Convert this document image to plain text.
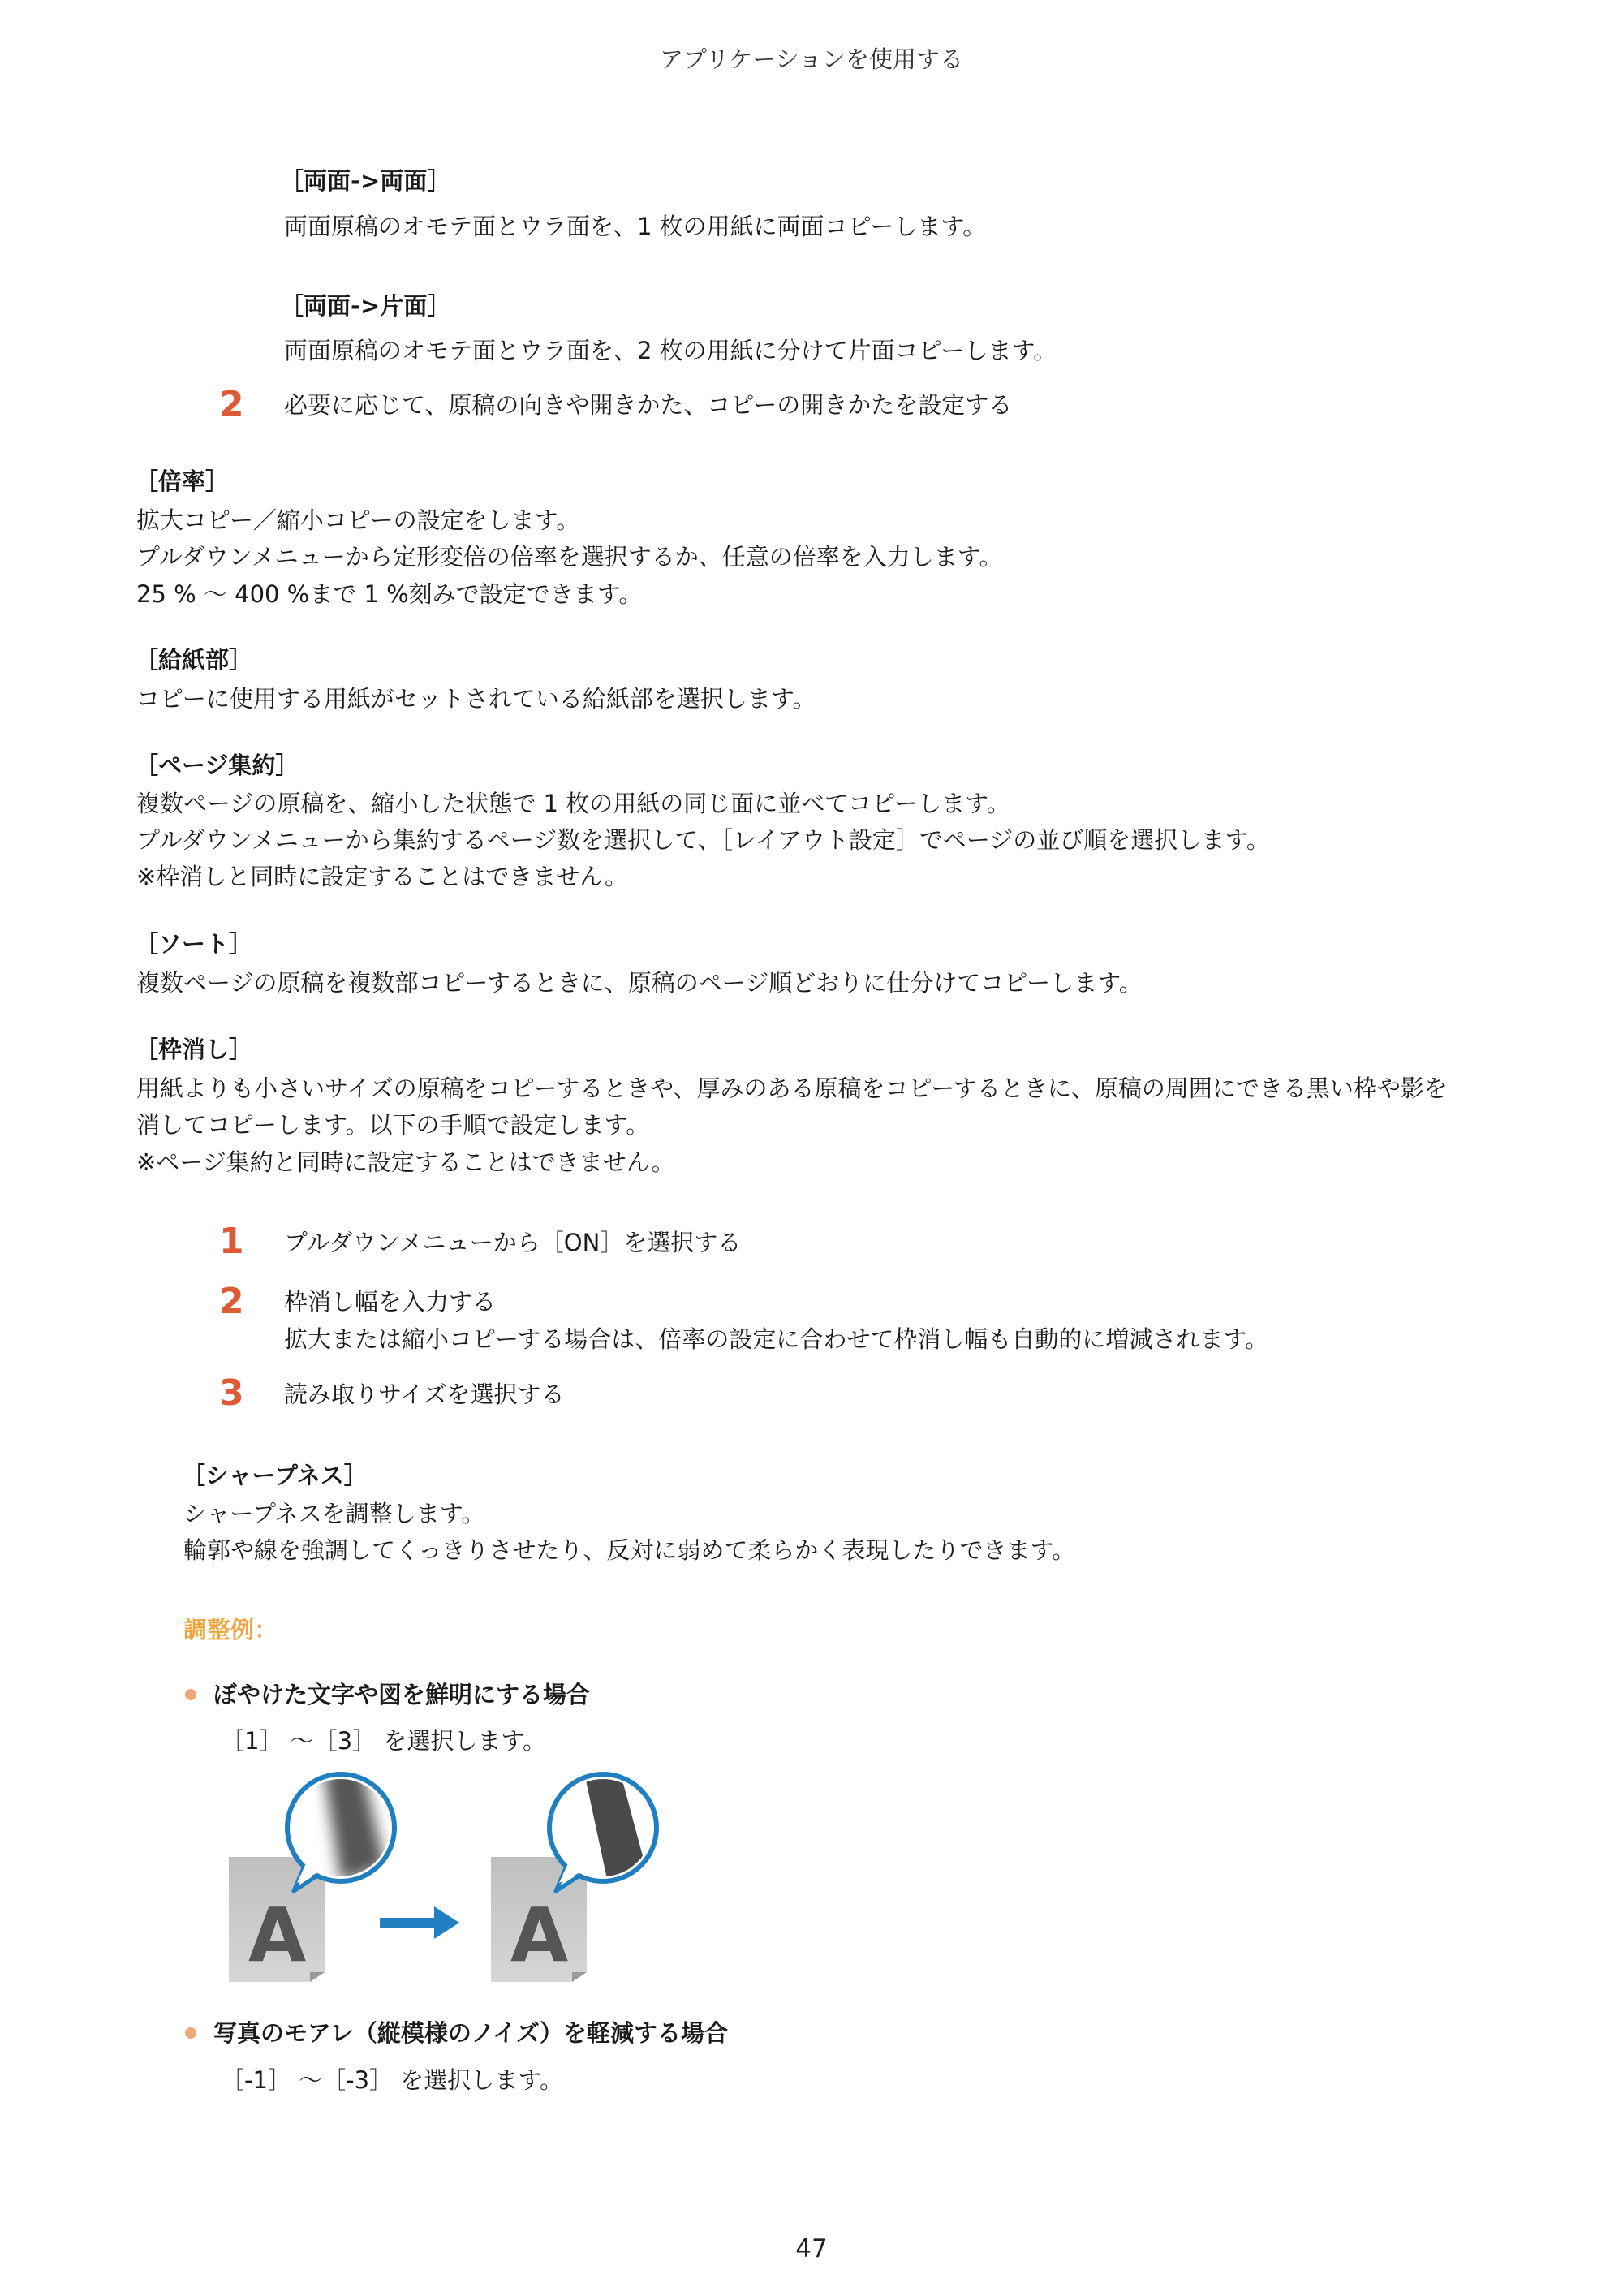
アプリケーションを使用する
［両面->両面］
両面原稿のオモテ面とウラ面を、1 枚の用紙に両面コピーします。
［両面->片面］
両面原稿のオモテ面とウラ面を、2 枚の用紙に分けて片面コピーします。
2 必要に応じて、原稿の向きや開きかた、コピーの開きかたを設定する
［倍率］
拡大コピー／縮小コピーの設定をします。
プルダウンメニューから定形変倍の倍率を選択するか、任意の倍率を入力します。
25 % ～ 400 %まで 1 %刻みで設定できます。
［給紙部］
コピーに使用する用紙がセットされている給紙部を選択します。
［ページ集約］
複数ページの原稿を、縮小した状態で 1 枚の用紙の同じ面に並べてコピーします。
プルダウンメニューから集約するページ数を選択して、［レイアウト設定］でページの並び順を選択します。
※枠消しと同時に設定することはできません。
［ソート］
複数ページの原稿を複数部コピーするときに、原稿のページ順どおりに仕分けてコピーします。
［枠消し］
用紙よりも小さいサイズの原稿をコピーするときや、厚みのある原稿をコピーするときに、原稿の周囲にできる黒い枠や影を
消してコピーします。以下の手順で設定します。
※ページ集約と同時に設定することはできません。
1 プルダウンメニューから［ON］を選択する
2 枠消し幅を入力する
拡大または縮小コピーする場合は、倍率の設定に合わせて枠消し幅も自動的に増減されます。
3 読み取りサイズを選択する
［シャープネス］
シャープネスを調整します。
輪郭や線を強調してくっきりさせたり、反対に弱めて柔らかく表現したりできます。
調整例：
ぼやけた文字や図を鮮明にする場合
［1］ ～［3］ を選択します。
A	A
写真のモアレ（縦模様のノイズ）を軽減する場合
［-1］ ～［-3］ を選択します。
47
